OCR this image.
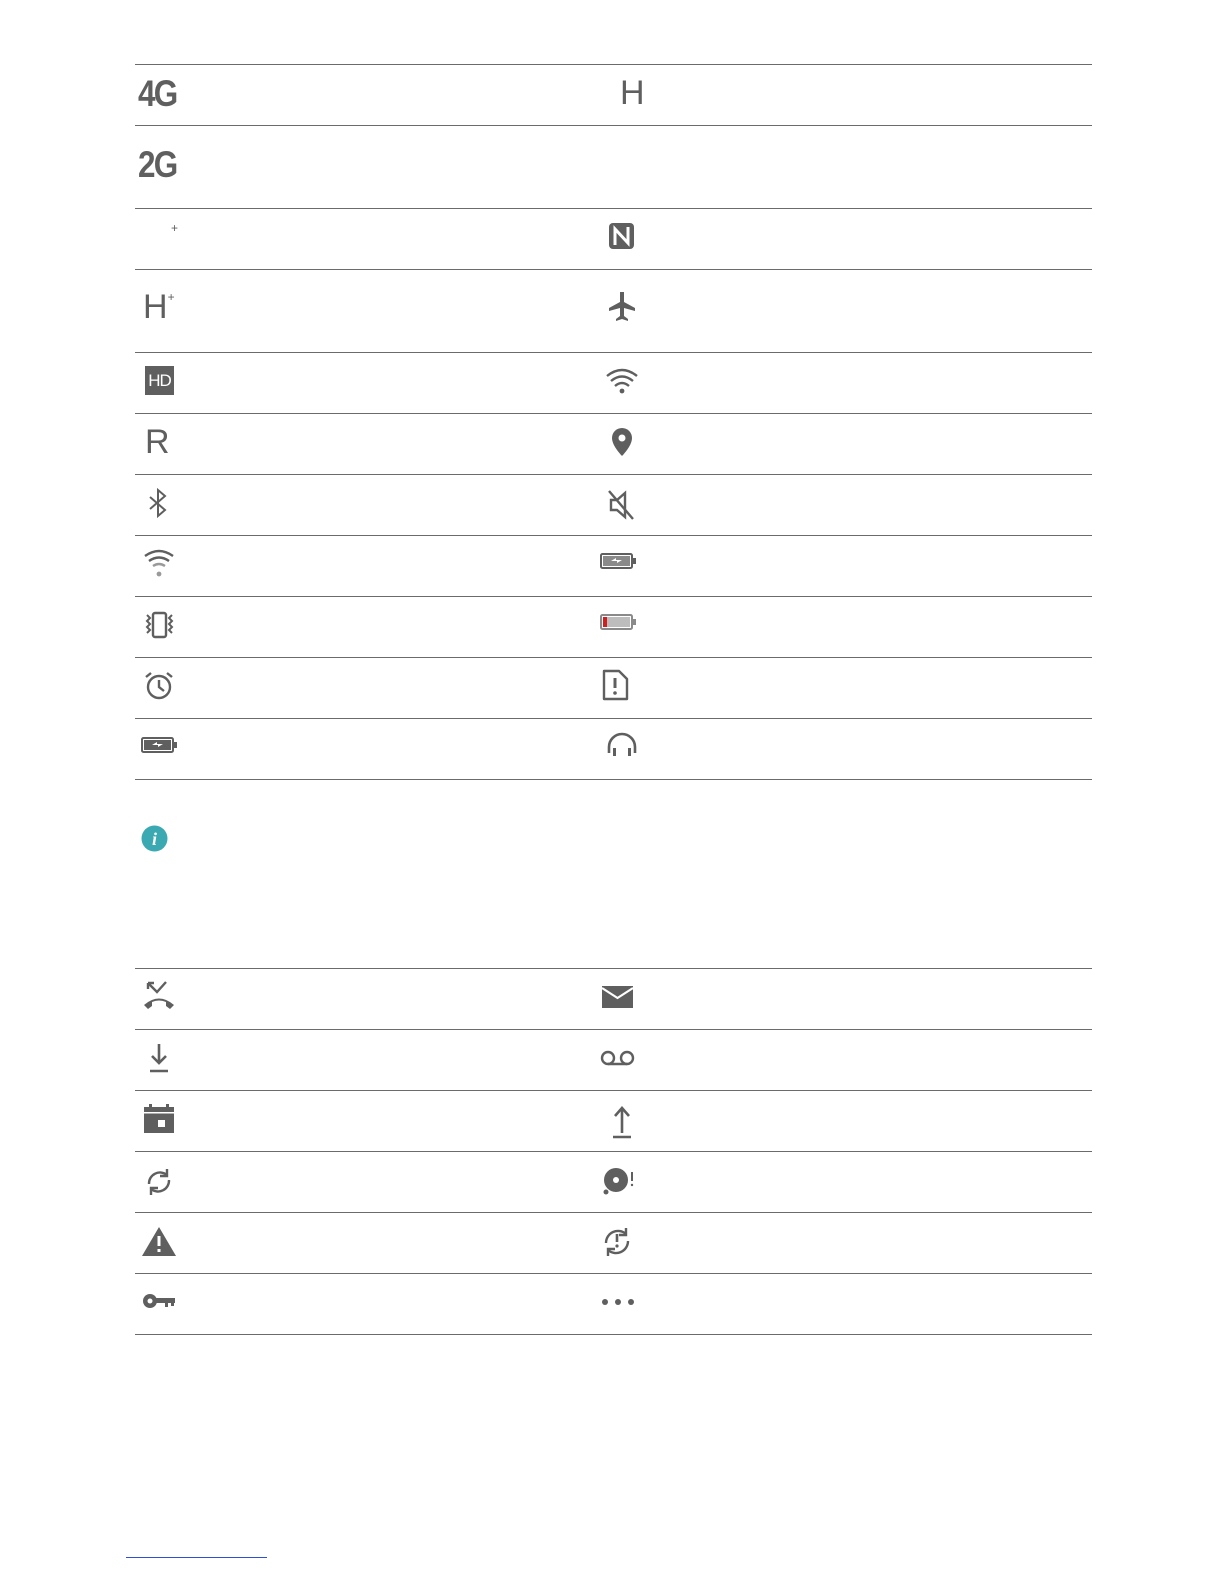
4G	H
2G
+
H+
HD
R
i
